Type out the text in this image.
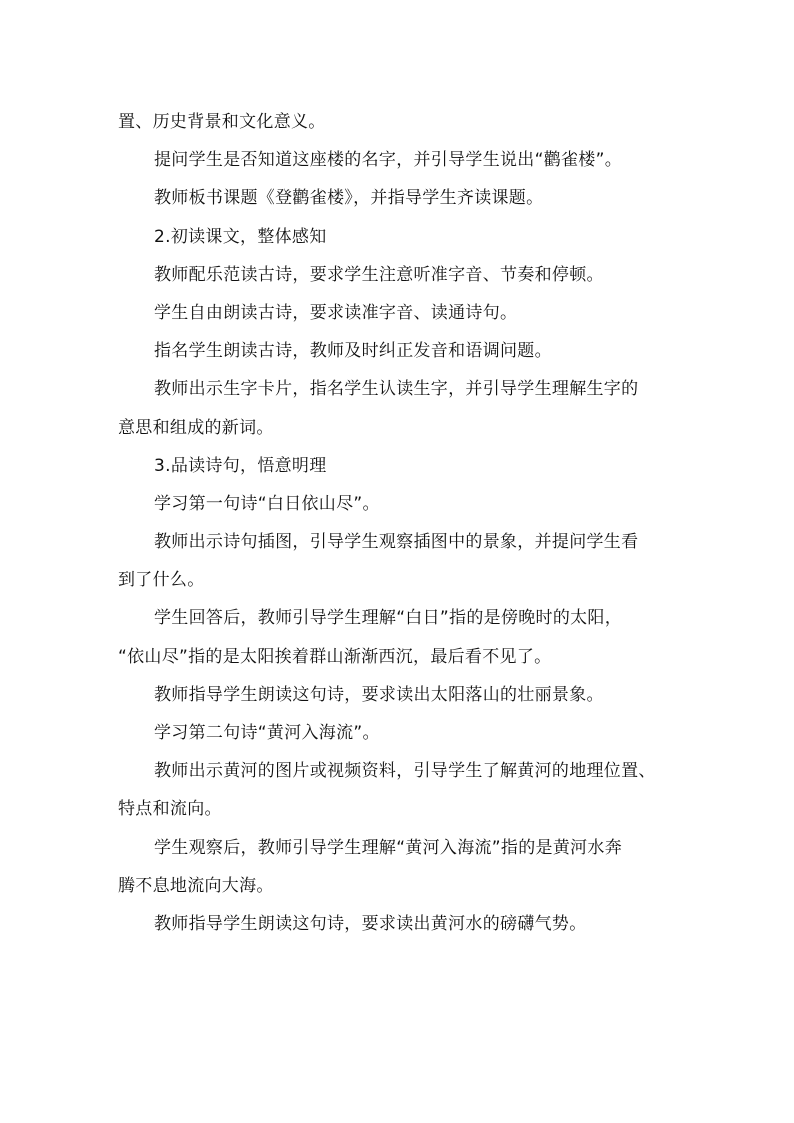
置、历史背景和文化意义。
提问学生是否知道这座楼的名字，并引导学生说出“鹳雀楼”。
教师板书课题《登鹳雀楼》，并指导学生齐读课题。
2.初读课文，整体感知
教师配乐范读古诗，要求学生注意听准字音、节奏和停顿。
学生自由朗读古诗，要求读准字音、读通诗句。
指名学生朗读古诗，教师及时纠正发音和语调问题。
教师出示生字卡片，指名学生认读生字，并引导学生理解生字的
意思和组成的新词。
3.品读诗句，悟意明理
学习第一句诗“白日依山尽”。
教师出示诗句插图，引导学生观察插图中的景象，并提问学生看
到了什么。
学生回答后，教师引导学生理解“白日”指的是傍晚时的太阳，
“依山尽”指的是太阳挨着群山渐渐西沉，最后看不见了。
教师指导学生朗读这句诗，要求读出太阳落山的壮丽景象。
学习第二句诗“黄河入海流”。
教师出示黄河的图片或视频资料，引导学生了解黄河的地理位置、
特点和流向。
学生观察后，教师引导学生理解“黄河入海流”指的是黄河水奔
腾不息地流向大海。
教师指导学生朗读这句诗，要求读出黄河水的磅礴气势。
